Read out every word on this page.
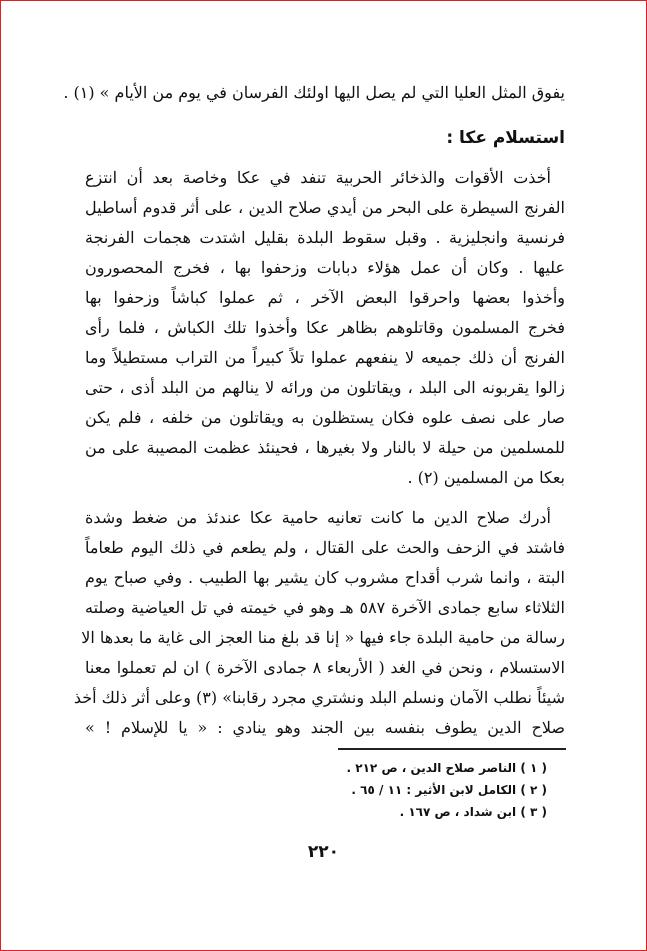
يفوق المثل العليا التي لم يصل اليها اولئك الفرسان في يوم من الأيام » (١) .
استسلام عكا :
أخذت الأقوات والذخائر الحربية تنفد في عكا وخاصة بعد أن انتزع
الفرنج السيطرة على البحر من أيدي صلاح الدين ، على أثر قدوم أساطيل
فرنسية وانجليزية . وقبل سقوط البلدة بقليل اشتدت هجمات الفرنجة
عليها . وكان أن عمل هؤلاء دبابات وزحفوا بها ، فخرج المحصورون
وأخذوا بعضها واحرقوا البعض الآخر ، ثم عملوا كباشاً وزحفوا بها
فخرج المسلمون وقاتلوهم بظاهر عكا وأخذوا تلك الكباش ، فلما رأى
الفرنج أن ذلك جميعه لا ينفعهم عملوا تلاً كبيراً من التراب مستطيلاً وما
زالوا يقربونه الى البلد ، ويقاتلون من ورائه لا ينالهم من البلد أذى ، حتى
صار على نصف علوه فكان يستظلون به ويقاتلون من خلفه ، فلم يكن
للمسلمين من حيلة لا بالنار ولا بغيرها ، فحينئذ عظمت المصيبة على من
بعكا من المسلمين (٢) .
أدرك صلاح الدين ما كانت تعانيه حامية عكا عندئذ من ضغط وشدة
فاشتد في الزحف والحث على القتال ، ولم يطعم في ذلك اليوم طعاماً
البتة ، وانما شرب أقداح مشروب كان يشير بها الطبيب . وفي صباح يوم
الثلاثاء سابع جمادى الآخرة ٥٨٧ هـ وهو في خيمته في تل العياضية وصلته
رسالة من حامية البلدة جاء فيها « إنا قد بلغ منا العجز الى غاية ما بعدها الا
الاستسلام ، ونحن في الغد ( الأربعاء ٨ جمادى الآخرة ) ان لم تعملوا معنا
شيئاً نطلب الآمان ونسلم البلد ونشتري مجرد رقابنا» (٣) وعلى أثر ذلك أخذ
صلاح الدين يطوف بنفسه بين الجند وهو ينادي : « يا للإسلام ! »
( ١ ) الناصر صلاح الدين ، ص ٢١٢ .
( ٢ ) الكامل لابن الأثير : ١١ / ٦٥ .
( ٣ ) ابن شداد ، ص ١٦٧ .
٢٢٠
